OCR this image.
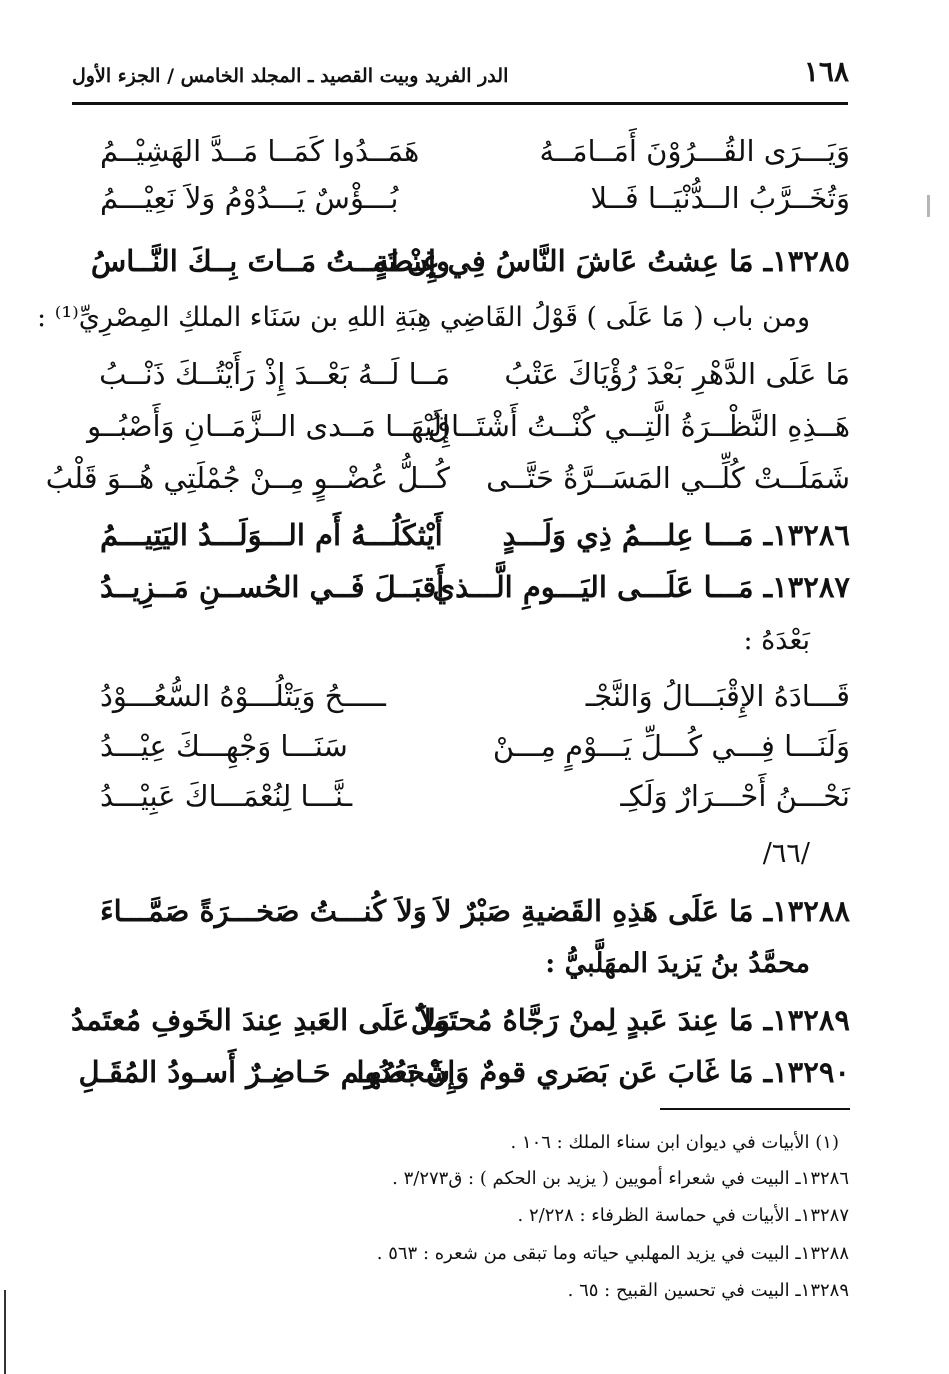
١٦٨
الدر الفريد وبيت القصيد ـ المجلد الخامس / الجزء الأول
وَيَـــرَى القُـــرُوْنَ أَمَــامَــهُ
هَمَــدُوا كَمَــا مَــدَّ الهَشِيْــمُ
وَتُخَــرَّبُ الــدُّنْيَــا فَــلا
بُـــؤْسٌ يَـــدُوْمُ وَلاَ نَعِيْـــمُ
١٣٢٨٥ـ مَا عِشتُ عَاشَ النَّاسُ فِي غِبطةٍ
وإِنْ تَمــتُ مَــاتَ بِــكَ النَّــاسُ
ومن باب ( مَا عَلَى ) قَوْلُ القَاضِي هِبَةِ اللهِ بن سَنَاء الملكِ المِصْرِيِّ⁽¹⁾ :
مَا عَلَى الدَّهْرِ بَعْدَ رُؤْيَاكَ عَتْبُ
مَــا لَــهُ بَعْــدَ إِذْ رَأَيْتُــكَ ذَنْــبُ
هَــذِهِ النَّظْــرَةُ الَّتِــي كُنْــتُ أَشْتَــاقُ
إِلَيْهَــا مَــدى الــزَّمَــانِ وَأَصْبُــو
شَمَلَــتْ كُلِّــي المَسَــرَّةُ حَتَّــى
كُــلُّ عُضْــوٍ مِــنْ جُمْلَتِي هُــوَ قَلْبُ
١٣٢٨٦ـ مَـــا عِلـــمُ ذِي وَلَـــدٍ
أَيْثكَلُـــهُ أَم الـــوَلَـــدُ اليَتِيـــمُ
١٣٢٨٧ـ مَـــا عَلَـــى اليَـــومِ الَّـــذي
أَقبَــلَ فَــي الحُســنِ مَــزِيــدُ
بَعْدَهُ :
قَـــادَهُ الإِقْبَـــالُ وَالنَّجْـ
ـــــحُ وَيَتْلُـــوْهُ السُّعُـــوْدُ
وَلَنَـــا فِـــي كُـــلِّ يَـــوْمٍ مِـــنْ
سَنَـــا وَجْهِـــكَ عِيْـــدُ
نَحْـــنُ أَحْـــرَارٌ وَلَكِـ
ـنَّـــا لِنُعْمَـــاكَ عَبِيْـــدُ
/٦٦/
١٣٢٨٨ـ مَا عَلَى هَذِهِ القَضيةِ صَبْرٌ لاَ
وَلاَ كُنـــتُ صَخـــرَةً صَمَّـــاءَ
محمَّدُ بنُ يَزيدَ المهَلَّبيُّ :
١٣٢٨٩ـ مَا عِندَ عَبدٍ لِمنْ رَجَّاهُ مُحتَملٌ
وَلاَ عَلَى العَبدِ عِندَ الخَوفِ مُعتَمدُ
١٣٢٩٠ـ مَا غَابَ عَن بَصَري قومٌ وَإِنْ بَعُدُوا
شَخصُهـم حَـاضِـرٌ أَسـودُ المُقَـلِ
(١) الأبيات في ديوان ابن سناء الملك : ١٠٦ .
١٣٢٨٦ـ البيت في شعراء أمويين ( يزيد بن الحكم ) : ق٣/٢٧٣ .
١٣٢٨٧ـ الأبيات في حماسة الظرفاء : ٢/٢٢٨ .
١٣٢٨٨ـ البيت في يزيد المهلبي حياته وما تبقى من شعره : ٥٦٣ .
١٣٢٨٩ـ البيت في تحسين القبيح : ٦٥ .
